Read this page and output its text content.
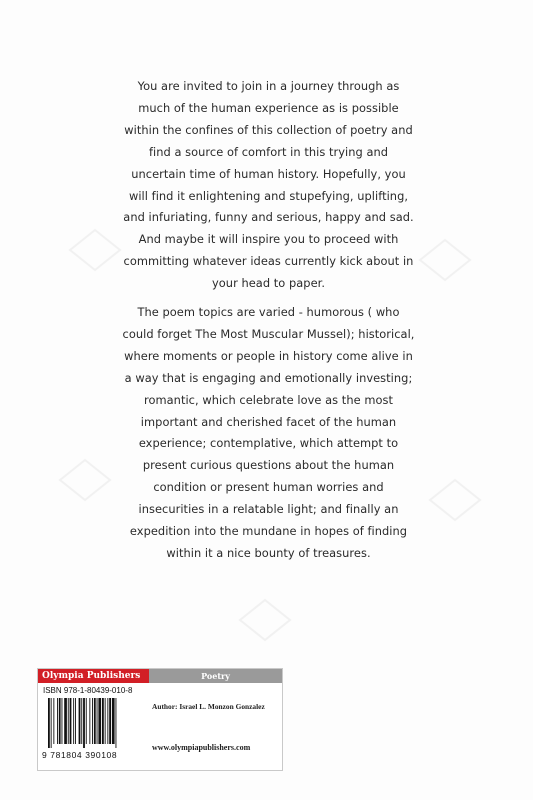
You are invited to join in a journey through as
much of the human experience as is possible
within the confines of this collection of poetry and
find a source of comfort in this trying and
uncertain time of human history. Hopefully, you
will find it enlightening and stupefying, uplifting,
and infuriating, funny and serious, happy and sad.
And maybe it will inspire you to proceed with
committing whatever ideas currently kick about in
your head to paper.
The poem topics are varied - humorous ( who
could forget The Most Muscular Mussel); historical,
where moments or people in history come alive in
a way that is engaging and emotionally investing;
romantic, which celebrate love as the most
important and cherished facet of the human
experience; contemplative, which attempt to
present curious questions about the human
condition or present human worries and
insecurities in a relatable light; and finally an
expedition into the mundane in hopes of finding
within it a nice bounty of treasures.
Olympia Publishers	Poetry
ISBN 978-1-80439-010-8
9 781804 390108
Author: Israel L. Monzon Gonzalez
www.olympiapublishers.com
